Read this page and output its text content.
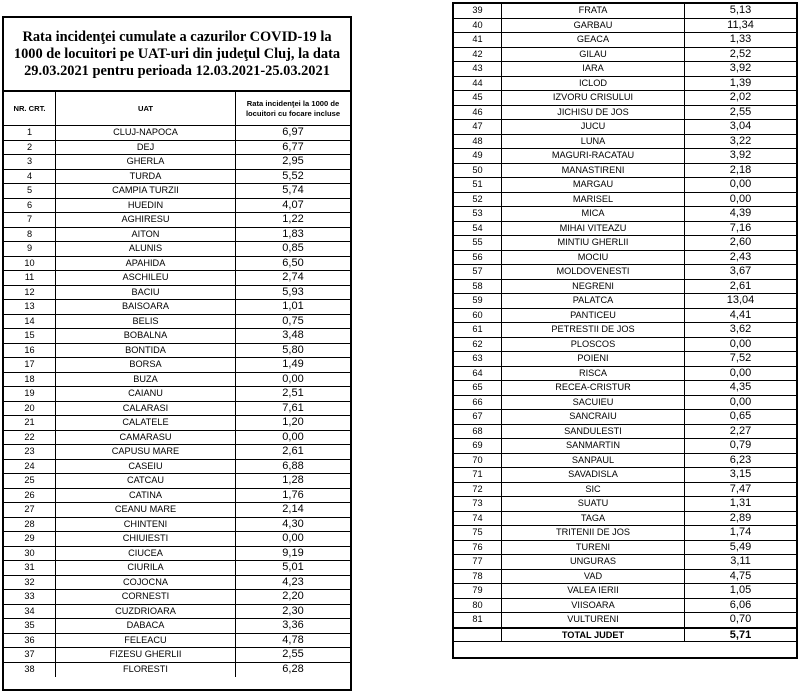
Rata incidenţei cumulate a cazurilor COVID-19 la 1000 de locuitori pe UAT-uri din judeţul Cluj, la data 29.03.2021 pentru perioada 12.03.2021-25.03.2021
NR. CRT.	UAT
Rata incidenţei la 1000 de locuitori cu focare incluse
1	CLUJ-NAPOCA	6,97
2	DEJ	6,77
3	GHERLA	2,95
4	TURDA	5,52
5	CAMPIA TURZII	5,74
6	HUEDIN	4,07
7	AGHIRESU	1,22
8	AITON	1,83
9	ALUNIS	0,85
10	APAHIDA	6,50
11	ASCHILEU	2,74
12	BACIU	5,93
13	BAISOARA	1,01
14	BELIS	0,75
15	BOBALNA	3,48
16	BONTIDA	5,80
17	BORSA	1,49
18	BUZA	0,00
19	CAIANU	2,51
20	CALARASI	7,61
21	CALATELE	1,20
22	CAMARASU	0,00
23	CAPUSU MARE	2,61
24	CASEIU	6,88
25	CATCAU	1,28
26	CATINA	1,76
27	CEANU MARE	2,14
28	CHINTENI	4,30
29	CHIUIESTI	0,00
30	CIUCEA	9,19
31	CIURILA	5,01
32	COJOCNA	4,23
33	CORNESTI	2,20
34	CUZDRIOARA	2,30
35	DABACA	3,36
36	FELEACU	4,78
37	FIZESU GHERLII	2,55
38	FLORESTI	6,28
39	FRATA	5,13
40	GARBAU	11,34
41	GEACA	1,33
42	GILAU	2,52
43	IARA	3,92
44	ICLOD	1,39
45	IZVORU CRISULUI	2,02
46	JICHISU DE JOS	2,55
47	JUCU	3,04
48	LUNA	3,22
49	MAGURI-RACATAU	3,92
50	MANASTIRENI	2,18
51	MARGAU	0,00
52	MARISEL	0,00
53	MICA	4,39
54	MIHAI VITEAZU	7,16
55	MINTIU GHERLII	2,60
56	MOCIU	2,43
57	MOLDOVENESTI	3,67
58	NEGRENI	2,61
59	PALATCA	13,04
60	PANTICEU	4,41
61	PETRESTII DE JOS	3,62
62	PLOSCOS	0,00
63	POIENI	7,52
64	RISCA	0,00
65	RECEA-CRISTUR	4,35
66	SACUIEU	0,00
67	SANCRAIU	0,65
68	SANDULESTI	2,27
69	SANMARTIN	0,79
70	SANPAUL	6,23
71	SAVADISLA	3,15
72	SIC	7,47
73	SUATU	1,31
74	TAGA	2,89
75	TRITENII DE JOS	1,74
76	TURENI	5,49
77	UNGURAS	3,11
78	VAD	4,75
79	VALEA IERII	1,05
80	VIISOARA	6,06
81	VULTURENI	0,70
TOTAL JUDET	5,71
